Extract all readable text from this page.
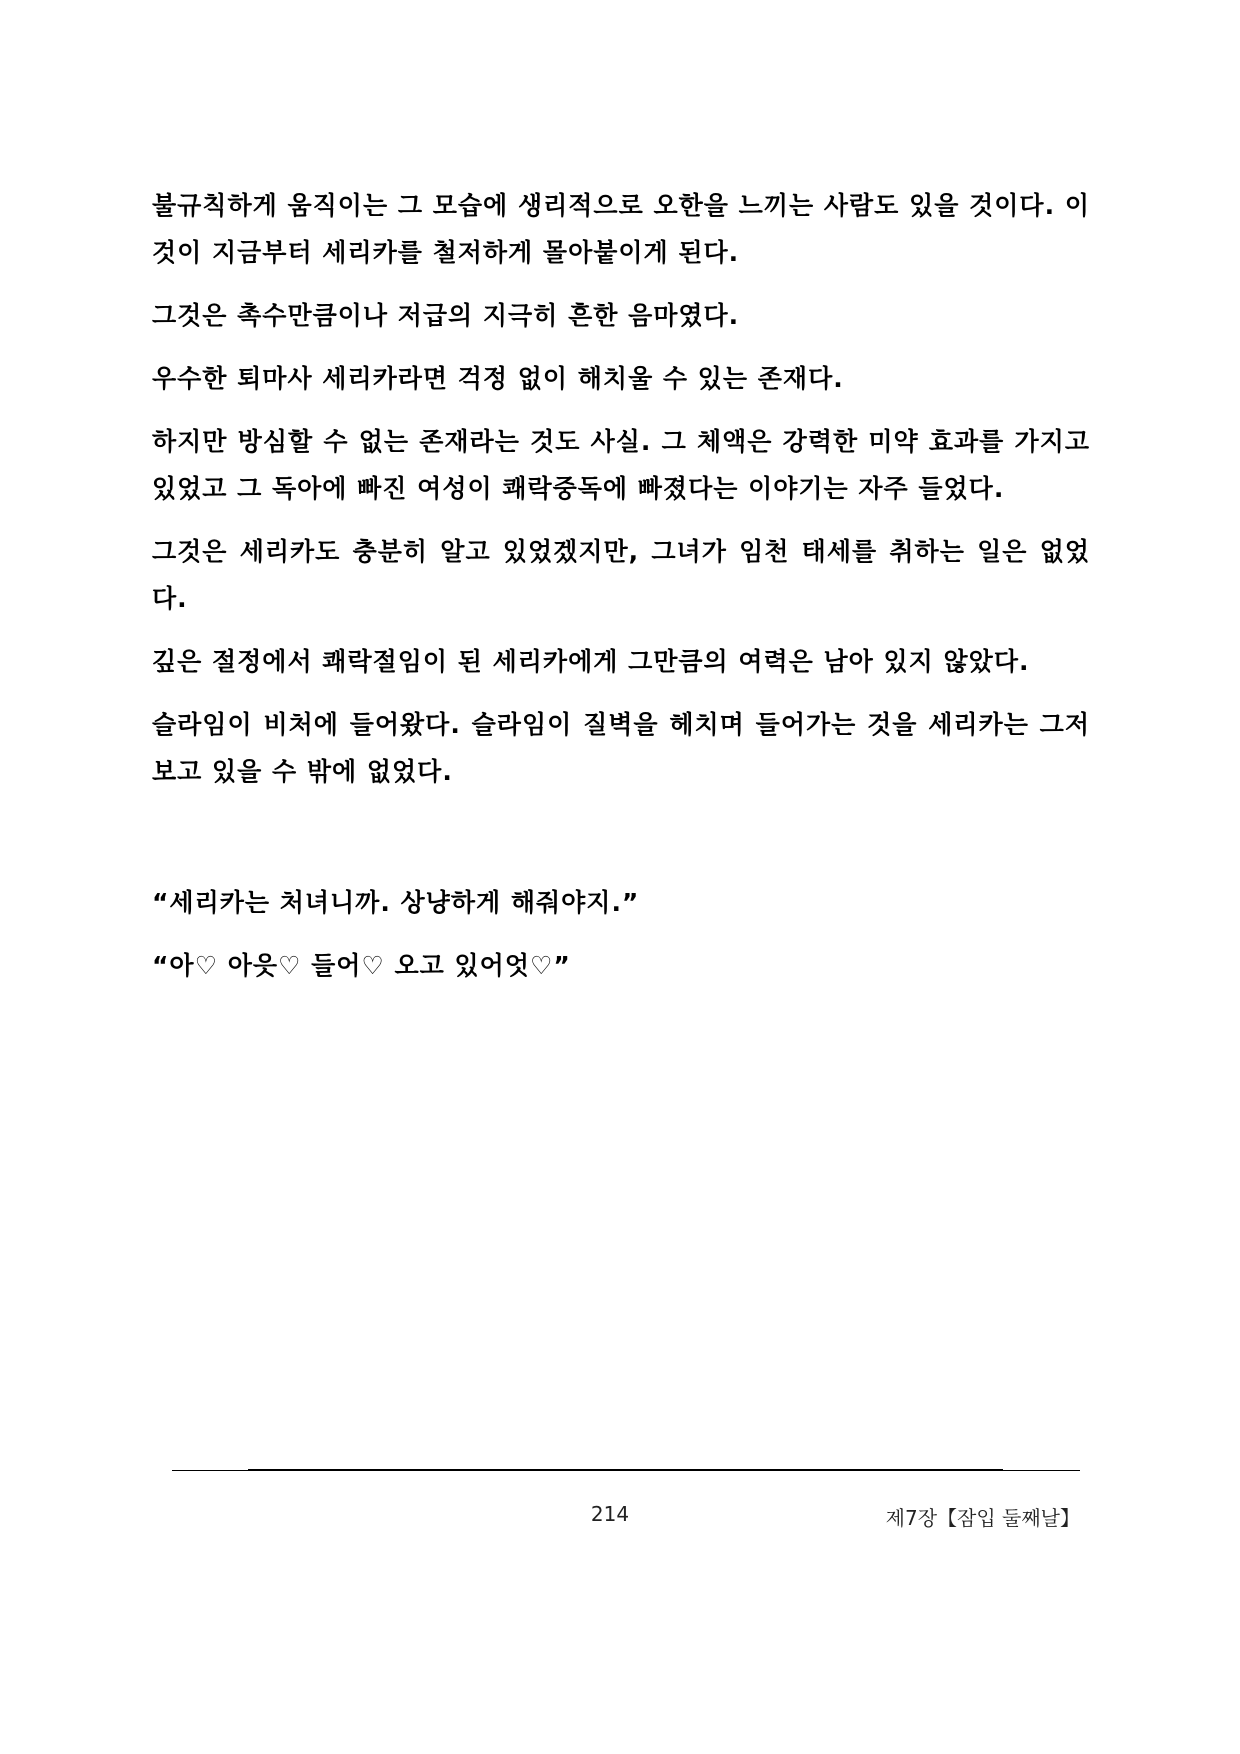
불규칙하게 움직이는 그 모습에 생리적으로 오한을 느끼는 사람도 있을 것이다. 이것이 지금부터 세리카를 철저하게 몰아붙이게 된다.

그것은 촉수만큼이나 저급의 지극히 흔한 음마였다.

우수한 퇴마사 세리카라면 걱정 없이 해치울 수 있는 존재다.

하지만 방심할 수 없는 존재라는 것도 사실. 그 체액은 강력한 미약 효과를 가지고 있었고 그 독아에 빠진 여성이 쾌락중독에 빠졌다는 이야기는 자주 들었다.

그것은 세리카도 충분히 알고 있었겠지만, 그녀가 임천 태세를 취하는 일은 없었다.

깊은 절정에서 쾌락절임이 된 세리카에게 그만큼의 여력은 남아 있지 않았다.

슬라임이 비처에 들어왔다. 슬라임이 질벽을 헤치며 들어가는 것을 세리카는 그저 보고 있을 수 밖에 없었다.

“세리카는 처녀니까. 상냥하게 해줘야지.”

“아♡ 아읏♡ 들어♡ 오고 있어엇♡”

214	제7장【잠입 둘째날】
